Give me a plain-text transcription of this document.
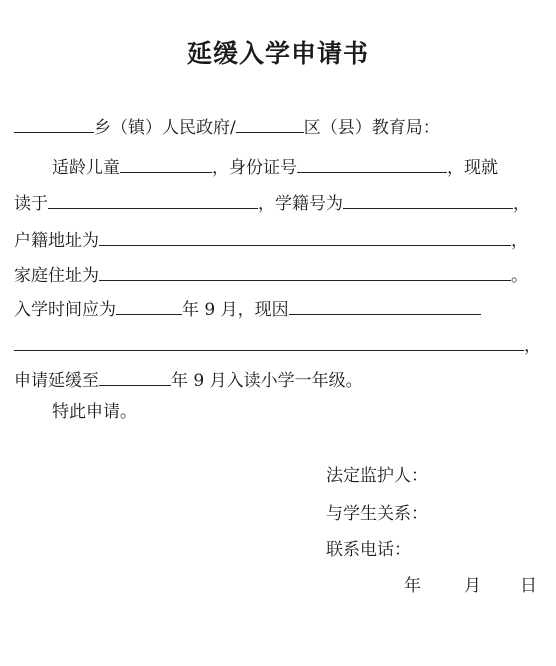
延缓入学申请书
乡（镇）人民政府/	区（县）教育局：
适龄儿童	，身份证号	，现就
读于	，学籍号为	，
户籍地址为	，
家庭住址为	。
入学时间应为	年 9 月，现因
，
申请延缓至	年 9 月入读小学一年级。
特此申请。
法定监护人：
与学生关系：
联系电话：
年	月 日
